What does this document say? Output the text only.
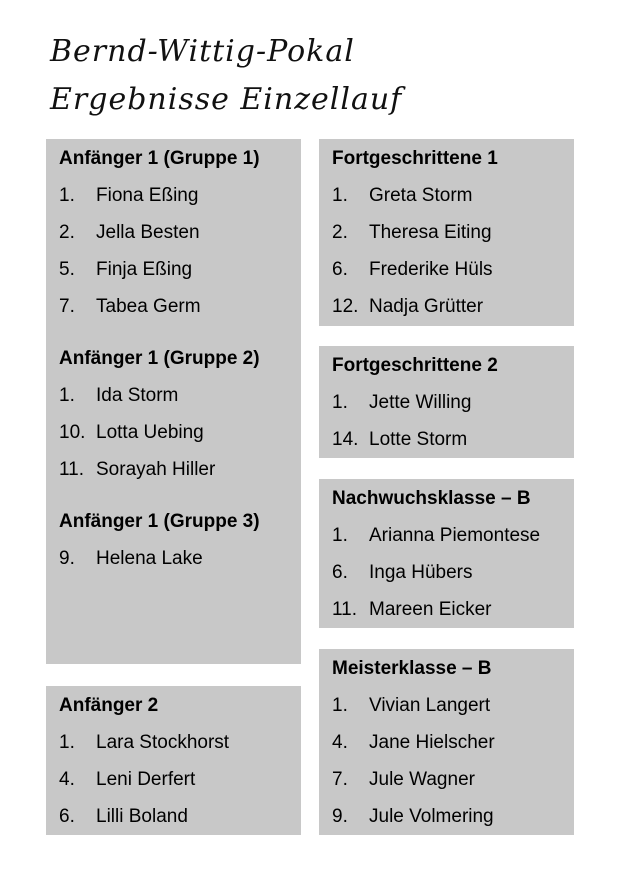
Bernd-Wittig-Pokal
Ergebnisse Einzellauf
Anfänger 1 (Gruppe 1)
1.	Fiona Eßing
2.	Jella Besten
5.	Finja Eßing
7.	Tabea Germ
Anfänger 1 (Gruppe 2)
1.	Ida Storm
10. Lotta Uebing
11. Sorayah Hiller
Anfänger 1 (Gruppe 3)
9.	Helena Lake
Anfänger 2
1.	Lara Stockhorst
4.	Leni Derfert
6.	Lilli Boland
Fortgeschrittene 1
1.	Greta Storm
2.	Theresa Eiting
6.	Frederike Hüls
12. Nadja Grütter
Fortgeschrittene 2
1.	Jette Willing
14. Lotte Storm
Nachwuchsklasse – B
1.	Arianna Piemontese
6.	Inga Hübers
11. Mareen Eicker
Meisterklasse – B
1.	Vivian Langert
4.	Jane Hielscher
7.	Jule Wagner
9.	Jule Volmering
